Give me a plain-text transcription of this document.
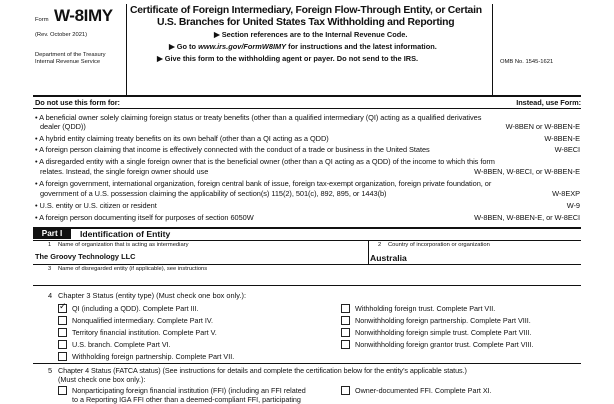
Form W-8IMY
(Rev. October 2021)
Department of the Treasury
Internal Revenue Service
Certificate of Foreign Intermediary, Foreign Flow-Through Entity, or Certain
U.S. Branches for United States Tax Withholding and Reporting
▶ Section references are to the Internal Revenue Code.
▶ Go to www.irs.gov/FormW8IMY for instructions and the latest information.
▶ Give this form to the withholding agent or payer. Do not send to the IRS.	OMB No. 1545-1621
Do not use this form for:	Instead, use Form:
• A beneficial owner solely claiming foreign status or treaty benefits (other than a qualified intermediary (QI) acting as a qualified derivatives
dealer (QDD))	W-8BEN or W-8BEN-E
• A hybrid entity claiming treaty benefits on its own behalf (other than a QI acting as a QDD)	W-8BEN-E
• A foreign person claiming that income is effectively connected with the conduct of a trade or business in the United States	W-8ECI
• A disregarded entity with a single foreign owner that is the beneficial owner (other than a QI acting as a QDD) of the income to which this form
relates. Instead, the single foreign owner should use	W-8BEN, W-8ECI, or W-8BEN-E
• A foreign government, international organization, foreign central bank of issue, foreign tax-exempt organization, foreign private foundation, or
government of a U.S. possession claiming the applicability of section(s) 115(2), 501(c), 892, 895, or 1443(b)	W-8EXP
• U.S. entity or U.S. citizen or resident	W-9
• A foreign person documenting itself for purposes of section 6050W	W-8BEN, W-8BEN-E, or W-8ECI
Part I	Identification of Entity
1 Name of organization that is acting as intermediary
The Groovy Technology LLC
2 Country of incorporation or organization
Australia
3 Name of disregarded entity (if applicable), see instructions
4 Chapter 3 Status (entity type) (Must check one box only.):
✓ QI (including a QDD). Complete Part III.
Nonqualified intermediary. Complete Part IV.
Territory financial institution. Complete Part V.
U.S. branch. Complete Part VI.
Withholding foreign partnership. Complete Part VII.
Withholding foreign trust. Complete Part VII.
Nonwithholding foreign partnership. Complete Part VIII.
Nonwithholding foreign simple trust. Complete Part VIII.
Nonwithholding foreign grantor trust. Complete Part VIII.
5 Chapter 4 Status (FATCA status) (See instructions for details and complete the certification below for the entity’s applicable status.)
(Must check one box only.):
Nonparticipating foreign financial institution (FFI) (including an FFI related
to a Reporting IGA FFI other than a deemed-compliant FFI, participating
Owner-documented FFI. Complete Part XI.
